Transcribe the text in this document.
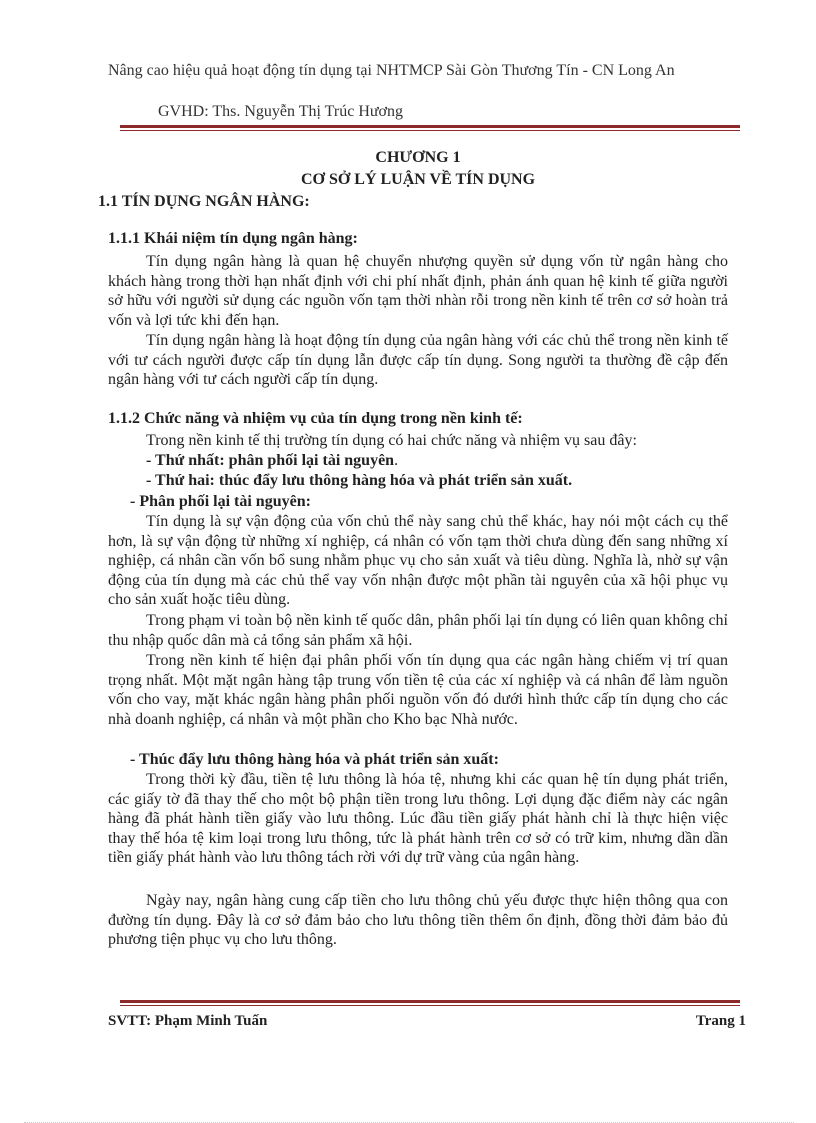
Nâng cao hiệu quả hoạt động tín dụng tại NHTMCP Sài Gòn Thương Tín - CN Long An
GVHD: Ths. Nguyễn Thị Trúc Hương
CHƯƠNG 1
CƠ SỞ LÝ LUẬN VỀ TÍN DỤNG
1.1 TÍN DỤNG NGÂN HÀNG:
1.1.1 Khái niệm tín dụng ngân hàng:
Tín dụng ngân hàng là quan hệ chuyển nhượng quyền sử dụng vốn từ ngân hàng cho khách hàng trong thời hạn nhất định với chi phí nhất định, phản ánh quan hệ kinh tế giữa người sở hữu với người sử dụng các nguồn vốn tạm thời nhàn rỗi trong nền kinh tế trên cơ sở hoàn trả vốn và lợi tức khi đến hạn.
Tín dụng ngân hàng là hoạt động tín dụng của ngân hàng với các chủ thể trong nền kinh tế với tư cách người được cấp tín dụng lẫn được cấp tín dụng. Song người ta thường đề cập đến ngân hàng với tư cách người cấp tín dụng.
1.1.2 Chức năng và nhiệm vụ của tín dụng trong nền kinh tế:
Trong nền kinh tế thị trường tín dụng có hai chức năng và nhiệm vụ sau đây:
- Thứ nhất: phân phối lại tài nguyên.
- Thứ hai: thúc đẩy lưu thông hàng hóa và phát triển sản xuất.
- Phân phối lại tài nguyên:
Tín dụng là sự vận động của vốn chủ thể này sang chủ thể khác, hay nói một cách cụ thể hơn, là sự vận động từ những xí nghiệp, cá nhân có vốn tạm thời chưa dùng đến sang những xí nghiệp, cá nhân cần vốn bổ sung nhằm phục vụ cho sản xuất và tiêu dùng. Nghĩa là, nhờ sự vận động của tín dụng mà các chủ thể vay vốn nhận được một phần tài nguyên của xã hội phục vụ cho sản xuất hoặc tiêu dùng.
Trong phạm vi toàn bộ nền kinh tế quốc dân, phân phối lại tín dụng có liên quan không chỉ thu nhập quốc dân mà cả tổng sản phẩm xã hội.
Trong nền kinh tế hiện đại phân phối vốn tín dụng qua các ngân hàng chiếm vị trí quan trọng nhất. Một mặt ngân hàng tập trung vốn tiền tệ của các xí nghiệp và cá nhân để làm nguồn vốn cho vay, mặt khác ngân hàng phân phối nguồn vốn đó dưới hình thức cấp tín dụng cho các nhà doanh nghiệp, cá nhân và một phần cho Kho bạc Nhà nước.
- Thúc đẩy lưu thông hàng hóa và phát triển sản xuất:
Trong thời kỳ đầu, tiền tệ lưu thông là hóa tệ, nhưng khi các quan hệ tín dụng phát triển, các giấy tờ đã thay thế cho một bộ phận tiền trong lưu thông. Lợi dụng đặc điểm này các ngân hàng đã phát hành tiền giấy vào lưu thông. Lúc đầu tiền giấy phát hành chỉ là thực hiện việc thay thế hóa tệ kim loại trong lưu thông, tức là phát hành trên cơ sở có trữ kim, nhưng dần dần tiền giấy phát hành vào lưu thông tách rời với dự trữ vàng của ngân hàng.
Ngày nay, ngân hàng cung cấp tiền cho lưu thông chủ yếu được thực hiện thông qua con đường tín dụng. Đây là cơ sở đảm bảo cho lưu thông tiền thêm ổn định, đồng thời đảm bảo đủ phương tiện phục vụ cho lưu thông.
SVTT: Phạm Minh Tuấn	Trang 1
